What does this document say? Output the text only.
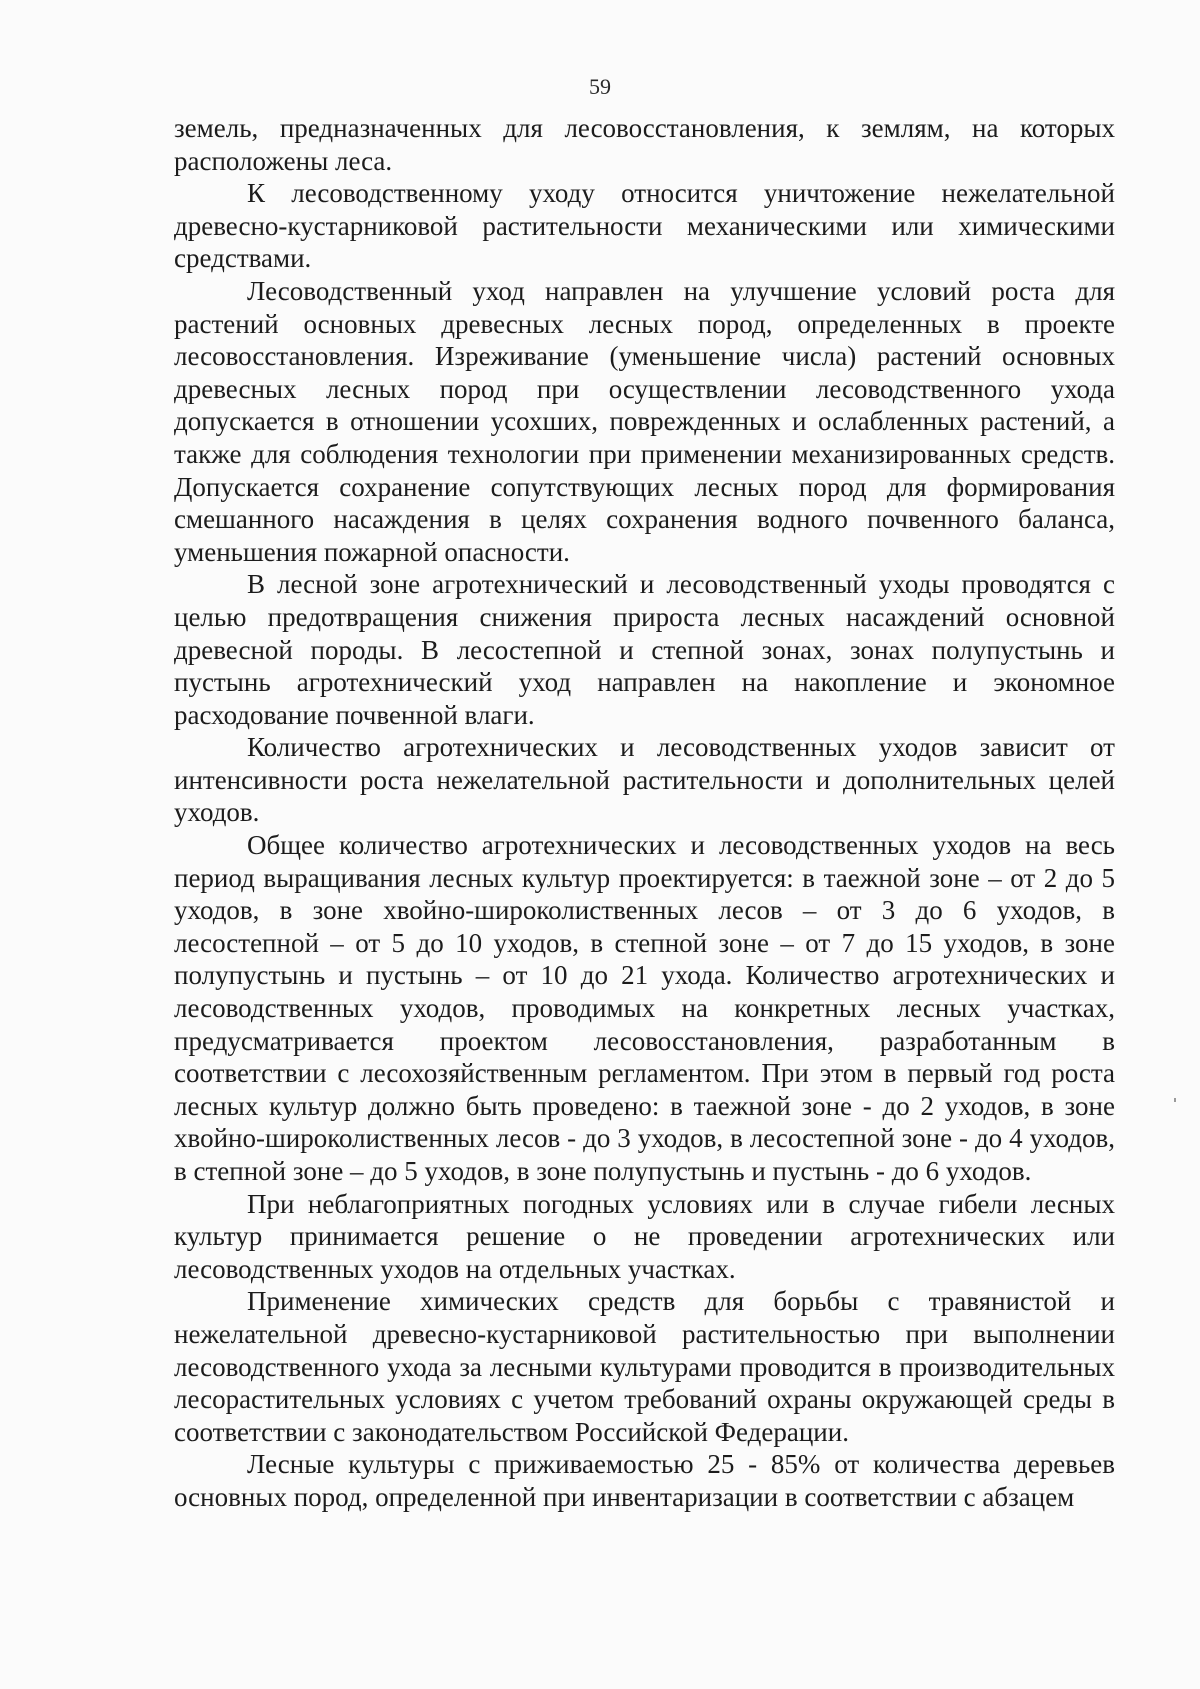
59

земель, предназначенных для лесовосстановления, к землям, на которых расположены леса.

К лесоводственному уходу относится уничтожение нежелательной древесно-кустарниковой растительности механическими или химическими средствами.

Лесоводственный уход направлен на улучшение условий роста для растений основных древесных лесных пород, определенных в проекте лесовосстановления. Изреживание (уменьшение числа) растений основных древесных лесных пород при осуществлении лесоводственного ухода допускается в отношении усохших, поврежденных и ослабленных растений, а также для соблюдения технологии при применении механизированных средств. Допускается сохранение сопутствующих лесных пород для формирования смешанного насаждения в целях сохранения водного почвенного баланса, уменьшения пожарной опасности.

В лесной зоне агротехнический и лесоводственный уходы проводятся с целью предотвращения снижения прироста лесных насаждений основной древесной породы. В лесостепной и степной зонах, зонах полупустынь и пустынь агротехнический уход направлен на накопление и экономное расходование почвенной влаги.

Количество агротехнических и лесоводственных уходов зависит от интенсивности роста нежелательной растительности и дополнительных целей уходов.

Общее количество агротехнических и лесоводственных уходов на весь период выращивания лесных культур проектируется: в таежной зоне – от 2 до 5 уходов, в зоне хвойно-широколиственных лесов – от 3 до 6 уходов, в лесостепной – от 5 до 10 уходов, в степной зоне – от 7 до 15 уходов, в зоне полупустынь и пустынь – от 10 до 21 ухода. Количество агротехнических и лесоводственных уходов, проводимых на конкретных лесных участках, предусматривается проектом лесовосстановления, разработанным в соответствии с лесохозяйственным регламентом. При этом в первый год роста лесных культур должно быть проведено: в таежной зоне - до 2 уходов, в зоне хвойно-широколиственных лесов - до 3 уходов, в лесостепной зоне - до 4 уходов, в степной зоне – до 5 уходов, в зоне полупустынь и пустынь - до 6 уходов.

При неблагоприятных погодных условиях или в случае гибели лесных культур принимается решение о не проведении агротехнических или лесоводственных уходов на отдельных участках.

Применение химических средств для борьбы с травянистой и нежелательной древесно-кустарниковой растительностью при выполнении лесоводственного ухода за лесными культурами проводится в производительных лесорастительных условиях с учетом требований охраны окружающей среды в соответствии с законодательством Российской Федерации.

Лесные культуры с приживаемостью 25 - 85% от количества деревьев основных пород, определенной при инвентаризации в соответствии с абзацем
